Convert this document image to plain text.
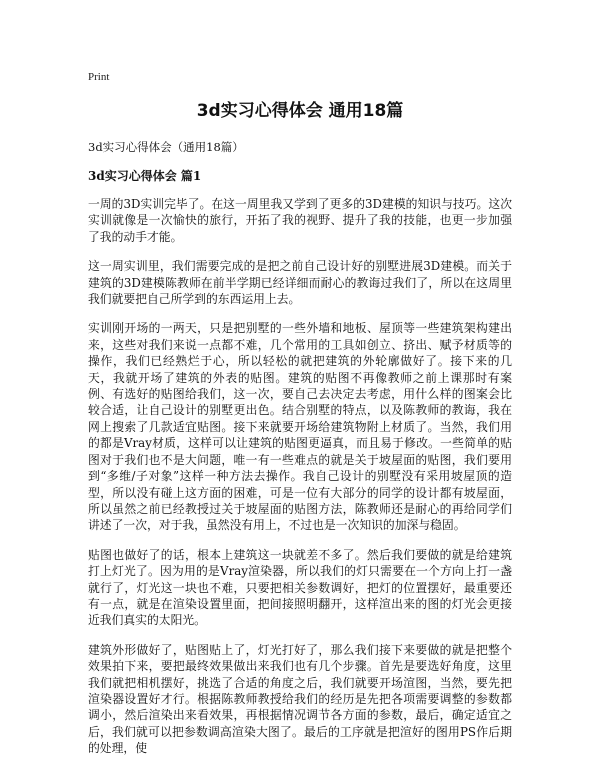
Print
3d实习心得体会 通用18篇
3d实习心得体会（通用18篇）
3d实习心得体会 篇1

一周的3D实训完毕了。在这一周里我又学到了更多的3D建模的知识与技巧。这次实训就像是一次愉快的旅行，开拓了我的视野、提升了我的技能，也更一步加强了我的动手才能。

这一周实训里，我们需要完成的是把之前自己设计好的别墅进展3D建模。而关于建筑的3D建模陈教师在前半学期已经详细而耐心的教诲过我们了，所以在这周里我们就要把自己所学到的东西运用上去。

实训刚开场的一两天，只是把别墅的一些外墙和地板、屋顶等一些建筑架构建出来，这些对我们来说一点都不难，几个常用的工具如创立、挤出、赋予材质等的操作，我们已经熟烂于心，所以轻松的就把建筑的外轮廓做好了。接下来的几天，我就开场了建筑的外表的贴图。建筑的贴图不再像教师之前上课那时有案例、有选好的贴图给我们，这一次，要自己去决定去考虑，用什么样的图案会比较合适，让自己设计的别墅更出色。结合别墅的特点，以及陈教师的教诲，我在网上搜索了几款适宜贴图。接下来就要开场给建筑物附上材质了。当然，我们用的都是Vray材质，这样可以让建筑的贴图更逼真，而且易于修改。一些简单的贴图对于我们也不是大问题，唯一有一些难点的就是关于坡屋面的贴图，我们要用到“多维/子对象”这样一种方法去操作。我自己设计的别墅没有采用坡屋顶的造型，所以没有碰上这方面的困难，可是一位有大部分的同学的设计都有坡屋面，所以虽然之前已经教授过关于坡屋面的贴图方法，陈教师还是耐心的再给同学们讲述了一次，对于我，虽然没有用上，不过也是一次知识的加深与稳固。

贴图也做好了的话，根本上建筑这一块就差不多了。然后我们要做的就是给建筑打上灯光了。因为用的是Vray渲染器，所以我们的灯只需要在一个方向上打一盏就行了，灯光这一块也不难，只要把相关参数调好，把灯的位置摆好，最重要还有一点，就是在渲染设置里面，把间接照明翻开，这样渲出来的图的灯光会更接近我们真实的太阳光。

建筑外形做好了，贴图贴上了，灯光打好了，那么我们接下来要做的就是把整个效果拍下来，要把最终效果做出来我们也有几个步骤。首先是要选好角度，这里我们就把相机摆好，挑选了合适的角度之后，我们就要开场渲图，当然，要先把渲染器设置好才行。根据陈教师教授给我们的经历是先把各项需要调整的参数都调小，然后渲染出来看效果，再根据情况调节各方面的参数，最后，确定适宜之后，我们就可以把参数调高渲染大图了。最后的工序就是把渲好的图用PS作后期的处理，使
